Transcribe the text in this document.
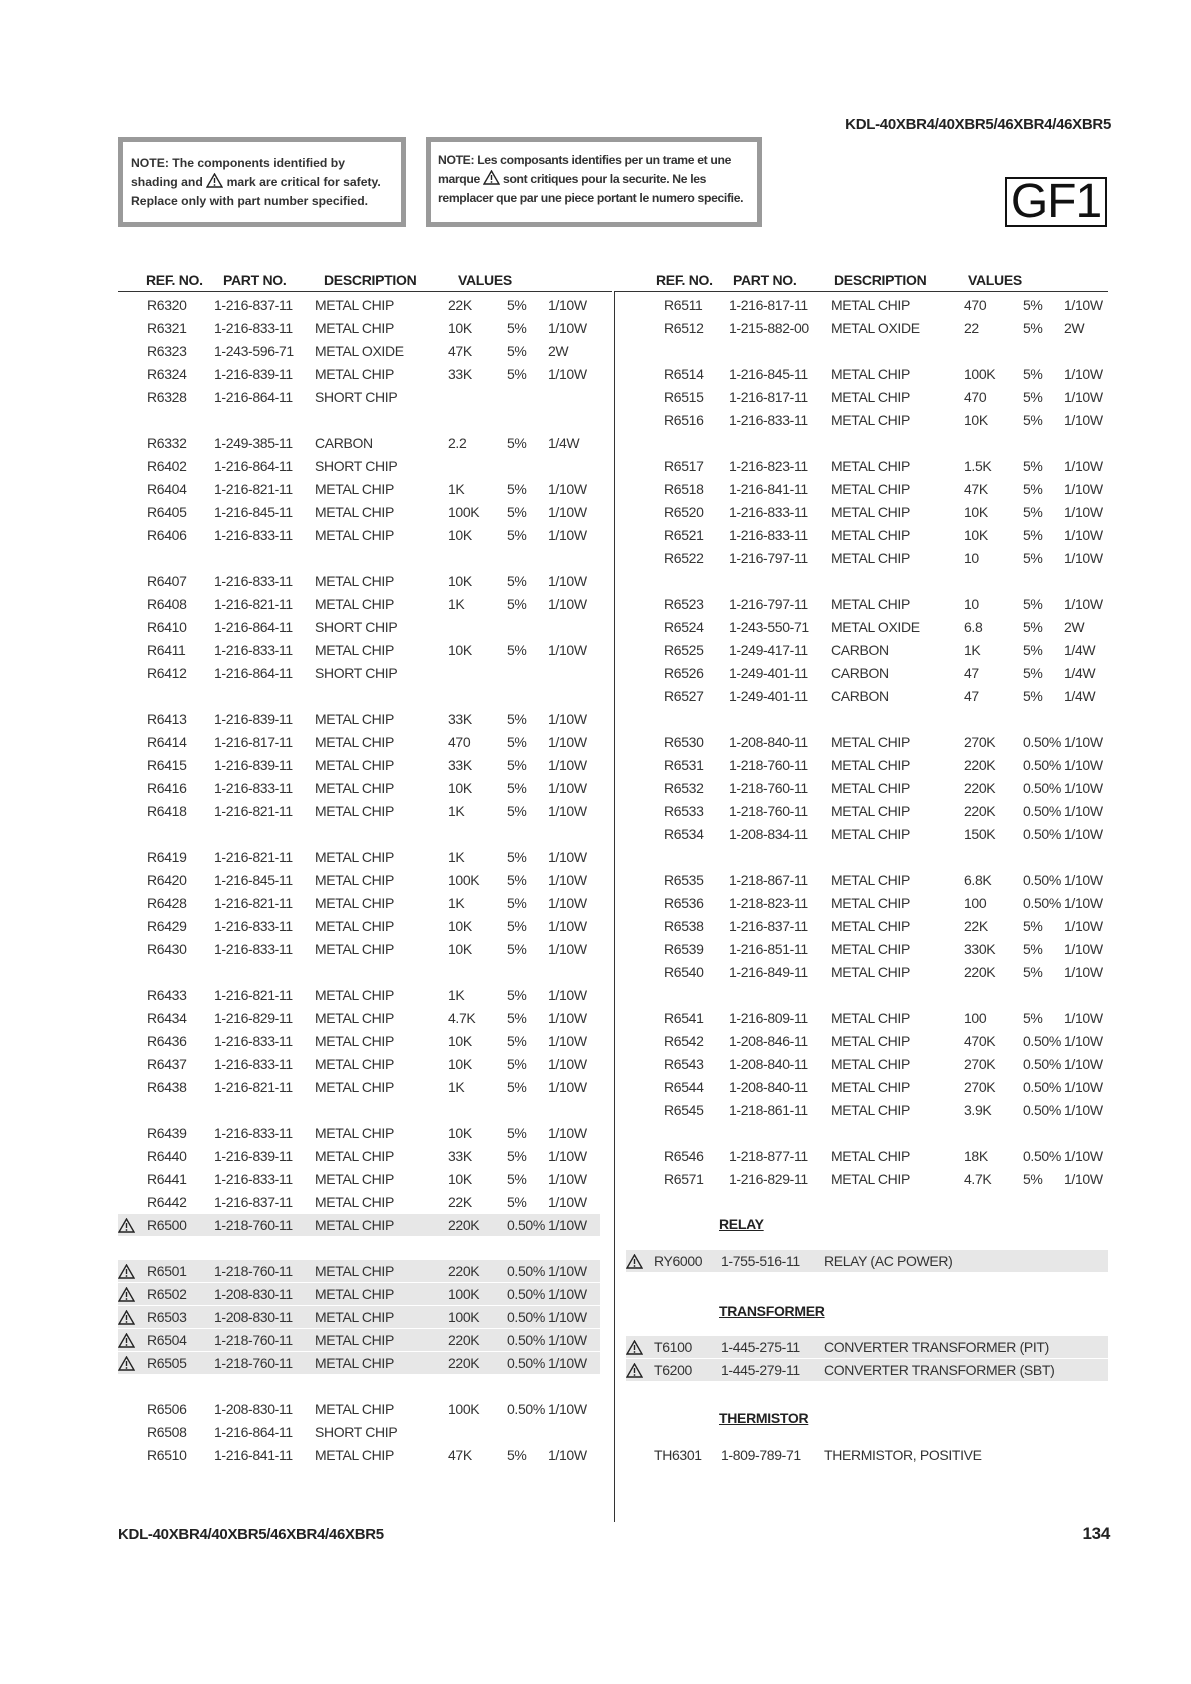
KDL-40XBR4/40XBR5/46XBR4/46XBR5
NOTE: The components identified by shading and mark are critical for safety. Replace only with part number specified.
NOTE: Les composants identifies per un trame et une marque sont critiques pour la securite. Ne les remplacer que par une piece portant le numero specifie.	GF1
REF. NO. PART NO.	DESCRIPTION	VALUES	REF. NO. PART NO.	DESCRIPTION	VALUES
R6320 1-216-837-11 METAL CHIP	22K	5% 1/10W
R6321 1-216-833-11 METAL CHIP	10K	5% 1/10W
R6323 1-243-596-71 METAL OXIDE	47K	5% 2W
R6324 1-216-839-11 METAL CHIP	33K	5% 1/10W
R6328 1-216-864-11 SHORT CHIP
R6332 1-249-385-11 CARBON	2.2	5% 1/4W
R6402 1-216-864-11 SHORT CHIP
R6404 1-216-821-11 METAL CHIP	1K	5% 1/10W
R6405 1-216-845-11 METAL CHIP	100K 5% 1/10W
R6406 1-216-833-11 METAL CHIP	10K	5% 1/10W
R6407 1-216-833-11 METAL CHIP	10K	5% 1/10W
R6408 1-216-821-11 METAL CHIP	1K	5% 1/10W
R6410 1-216-864-11 SHORT CHIP
R6411 1-216-833-11 METAL CHIP	10K	5% 1/10W
R6412 1-216-864-11 SHORT CHIP
R6413 1-216-839-11 METAL CHIP	33K	5% 1/10W
R6414 1-216-817-11 METAL CHIP	470	5% 1/10W
R6415 1-216-839-11 METAL CHIP	33K	5% 1/10W
R6416 1-216-833-11 METAL CHIP	10K	5% 1/10W
R6418 1-216-821-11 METAL CHIP	1K	5% 1/10W
R6419 1-216-821-11 METAL CHIP	1K	5% 1/10W
R6420 1-216-845-11 METAL CHIP	100K 5% 1/10W
R6428 1-216-821-11 METAL CHIP	1K	5% 1/10W
R6429 1-216-833-11 METAL CHIP	10K	5% 1/10W
R6430 1-216-833-11 METAL CHIP	10K	5% 1/10W
R6433 1-216-821-11 METAL CHIP	1K	5% 1/10W
R6434 1-216-829-11 METAL CHIP	4.7K 5% 1/10W
R6436 1-216-833-11 METAL CHIP	10K	5% 1/10W
R6437 1-216-833-11 METAL CHIP	10K	5% 1/10W
R6438 1-216-821-11 METAL CHIP	1K	5% 1/10W
R6439 1-216-833-11 METAL CHIP	10K	5% 1/10W
R6440 1-216-839-11 METAL CHIP	33K	5% 1/10W
R6441 1-216-833-11 METAL CHIP	10K	5% 1/10W
R6442 1-216-837-11 METAL CHIP	22K	5% 1/10W
R6500 1-218-760-11 METAL CHIP	220K 0.50% 1/10W
R6501 1-218-760-11 METAL CHIP	220K 0.50% 1/10W
R6502 1-208-830-11 METAL CHIP	100K 0.50% 1/10W
R6503 1-208-830-11 METAL CHIP	100K 0.50% 1/10W
R6504 1-218-760-11 METAL CHIP	220K 0.50% 1/10W
R6505 1-218-760-11 METAL CHIP	220K 0.50% 1/10W
R6506 1-208-830-11 METAL CHIP	100K 0.50% 1/10W
R6508 1-216-864-11 SHORT CHIP
R6510 1-216-841-11 METAL CHIP	47K	5% 1/10W
R6511 1-216-817-11 METAL CHIP	470	5% 1/10W
R6512 1-215-882-00 METAL OXIDE	22	5% 2W
R6514 1-216-845-11 METAL CHIP	100K 5% 1/10W
R6515 1-216-817-11 METAL CHIP	470	5% 1/10W
R6516 1-216-833-11 METAL CHIP	10K	5% 1/10W
R6517 1-216-823-11 METAL CHIP	1.5K 5% 1/10W
R6518 1-216-841-11 METAL CHIP	47K	5% 1/10W
R6520 1-216-833-11 METAL CHIP	10K	5% 1/10W
R6521 1-216-833-11 METAL CHIP	10K	5% 1/10W
R6522 1-216-797-11 METAL CHIP	10	5% 1/10W
R6523 1-216-797-11 METAL CHIP	10	5% 1/10W
R6524 1-243-550-71 METAL OXIDE	6.8	5% 2W
R6525 1-249-417-11 CARBON	1K	5% 1/4W
R6526 1-249-401-11 CARBON	47	5% 1/4W
R6527 1-249-401-11 CARBON	47	5% 1/4W
R6530 1-208-840-11 METAL CHIP	270K 0.50% 1/10W
R6531 1-218-760-11 METAL CHIP	220K 0.50% 1/10W
R6532 1-218-760-11 METAL CHIP	220K 0.50% 1/10W
R6533 1-218-760-11 METAL CHIP	220K 0.50% 1/10W
R6534 1-208-834-11 METAL CHIP	150K 0.50% 1/10W
R6535 1-218-867-11 METAL CHIP	6.8K 0.50% 1/10W
R6536 1-218-823-11 METAL CHIP	100	0.50% 1/10W
R6538 1-216-837-11 METAL CHIP	22K	5% 1/10W
R6539 1-216-851-11 METAL CHIP	330K 5% 1/10W
R6540 1-216-849-11 METAL CHIP	220K 5% 1/10W
R6541 1-216-809-11 METAL CHIP	100	5% 1/10W
R6542 1-208-846-11 METAL CHIP	470K 0.50% 1/10W
R6543 1-208-840-11 METAL CHIP	270K 0.50% 1/10W
R6544 1-208-840-11 METAL CHIP	270K 0.50% 1/10W
R6545 1-218-861-11 METAL CHIP	3.9K 0.50% 1/10W
R6546 1-218-877-11 METAL CHIP	18K	0.50% 1/10W
R6571 1-216-829-11 METAL CHIP	4.7K 5% 1/10W
RELAY
RY6000 1-755-516-11 RELAY (AC POWER)
TRANSFORMER
T6100 1-445-275-11 CONVERTER TRANSFORMER (PIT)
T6200 1-445-279-11 CONVERTER TRANSFORMER (SBT)
THERMISTOR
TH6301 1-809-789-71 THERMISTOR, POSITIVE
KDL-40XBR4/40XBR5/46XBR4/46XBR5	134
